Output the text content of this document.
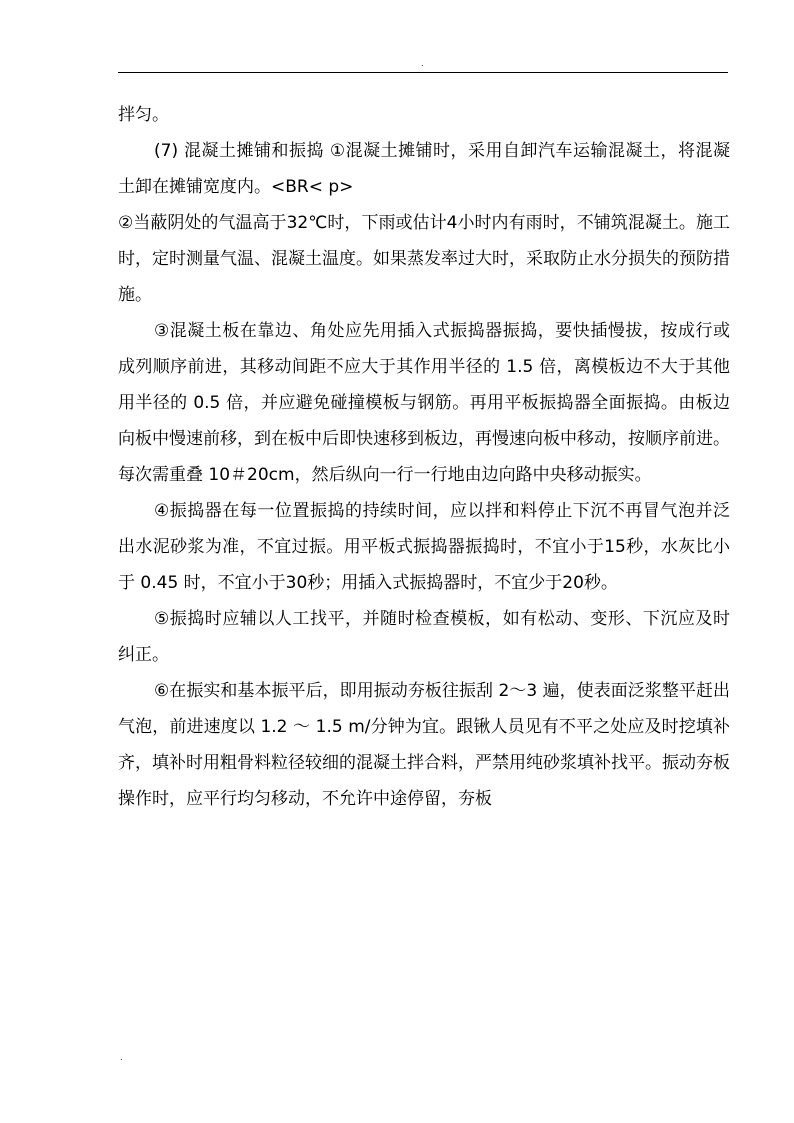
.

拌匀。

(7) 混凝土摊铺和振捣 ①混凝土摊铺时，采用自卸汽车运输混凝土，将混凝土卸在摊铺宽度内。<BR< p>

②当蔽阴处的气温高于32℃时，下雨或估计4小时内有雨时，不铺筑混凝土。施工时，定时测量气温、混凝土温度。如果蒸发率过大时，采取防止水分损失的预防措施。

③混凝土板在靠边、角处应先用插入式振捣器振捣，要快插慢拔，按成行或成列顺序前进，其移动间距不应大于其作用半径的 1.5 倍，离模板边不大于其他用半径的 0.5 倍，并应避免碰撞模板与钢筋。再用平板振捣器全面振捣。由板边向板中慢速前移，到在板中后即快速移到板边，再慢速向板中移动，按顺序前进。每次需重叠 10＃20cm，然后纵向一行一行地由边向路中央移动振实。

④振捣器在每一位置振捣的持续时间，应以拌和料停止下沉不再冒气泡并泛出水泥砂浆为准，不宜过振。用平板式振捣器振捣时，不宜小于15秒，水灰比小于 0.45 时，不宜小于30秒；用插入式振捣器时，不宜少于20秒。

⑤振捣时应辅以人工找平，并随时检查模板，如有松动、变形、下沉应及时纠正。

⑥在振实和基本振平后，即用振动夯板往振刮 2～3 遍，使表面泛浆整平赶出气泡，前进速度以 1.2 ～ 1.5 m/分钟为宜。跟锹人员见有不平之处应及时挖填补齐，填补时用粗骨料粒径较细的混凝土拌合料，严禁用纯砂浆填补找平。振动夯板操作时，应平行均匀移动，不允许中途停留，夯板

.
